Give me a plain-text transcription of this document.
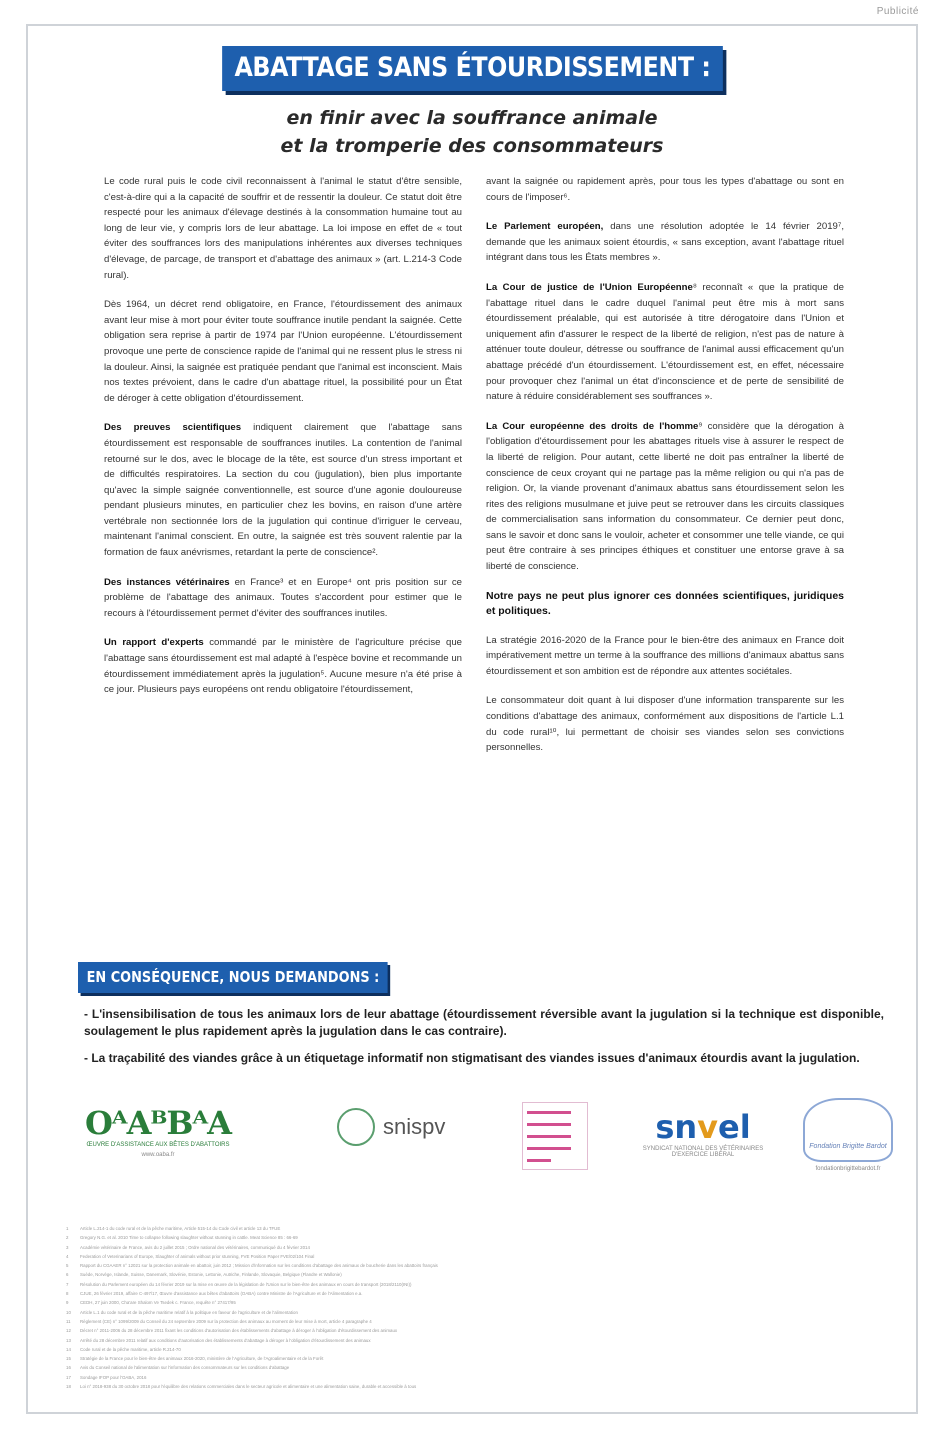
Publicité
ABATTAGE SANS ÉTOURDISSEMENT :
en finir avec la souffrance animale
et la tromperie des consommateurs

Le code rural puis le code civil reconnaissent à l'animal le statut d'être sensible, c'est-à-dire qui a la capacité de souffrir et de ressentir la douleur. Ce statut doit être respecté pour les animaux d'élevage destinés à la consommation humaine tout au long de leur vie, y compris lors de leur abattage. La loi impose en effet de « tout éviter des souffrances lors des manipulations inhérentes aux diverses techniques d'élevage, de parcage, de transport et d'abattage des animaux » (art. L.214-3 Code rural).

Dès 1964, un décret rend obligatoire, en France, l'étourdissement des animaux avant leur mise à mort pour éviter toute souffrance inutile pendant la saignée. Cette obligation sera reprise à partir de 1974 par l'Union européenne. L'étourdissement provoque une perte de conscience rapide de l'animal qui ne ressent plus le stress ni la douleur. Ainsi, la saignée est pratiquée pendant que l'animal est inconscient. Mais nos textes prévoient, dans le cadre d'un abattage rituel, la possibilité pour un État de déroger à cette obligation d'étourdissement.

Des preuves scientifiques indiquent clairement que l'abattage sans étourdissement est responsable de souffrances inutiles. La contention de l'animal retourné sur le dos, avec le blocage de la tête, est source d'un stress important et de difficultés respiratoires. La section du cou (jugulation), bien plus importante qu'avec la simple saignée conventionnelle, est source d'une agonie douloureuse pendant plusieurs minutes, en particulier chez les bovins, en raison d'une artère vertébrale non sectionnée lors de la jugulation qui continue d'irriguer le cerveau, maintenant l'animal conscient. En outre, la saignée est très souvent ralentie par la formation de faux anévrismes, retardant la perte de conscience².

Des instances vétérinaires en France³ et en Europe⁴ ont pris position sur ce problème de l'abattage des animaux. Toutes s'accordent pour estimer que le recours à l'étourdissement permet d'éviter des souffrances inutiles.

Un rapport d'experts commandé par le ministère de l'agriculture précise que l'abattage sans étourdissement est mal adapté à l'espèce bovine et recommande un étourdissement immédiatement après la jugulation⁵. Aucune mesure n'a été prise à ce jour. Plusieurs pays européens ont rendu obligatoire l'étourdissement,

avant la saignée ou rapidement après, pour tous les types d'abattage ou sont en cours de l'imposer⁶.

Le Parlement européen, dans une résolution adoptée le 14 février 2019⁷, demande que les animaux soient étourdis, « sans exception, avant l'abattage rituel intégrant dans tous les États membres ».

La Cour de justice de l'Union Européenne⁸ reconnaît « que la pratique de l'abattage rituel dans le cadre duquel l'animal peut être mis à mort sans étourdissement préalable, qui est autorisée à titre dérogatoire dans l'Union et uniquement afin d'assurer le respect de la liberté de religion, n'est pas de nature à atténuer toute douleur, détresse ou souffrance de l'animal aussi efficacement qu'un abattage précédé d'un étourdissement. L'étourdissement est, en effet, nécessaire pour provoquer chez l'animal un état d'inconscience et de perte de sensibilité de nature à réduire considérablement ses souffrances ».

La Cour européenne des droits de l'homme⁹ considère que la dérogation à l'obligation d'étourdissement pour les abattages rituels vise à assurer le respect de la liberté de religion. Pour autant, cette liberté ne doit pas entraîner la liberté de conscience de ceux croyant qui ne partage pas la même religion ou qui n'a pas de religion. Or, la viande provenant d'animaux abattus sans étourdissement selon les rites des religions musulmane et juive peut se retrouver dans les circuits classiques de commercialisation sans information du consommateur. Ce dernier peut donc, sans le savoir et donc sans le vouloir, acheter et consommer une telle viande, ce qui peut être contraire à ses principes éthiques et constituer une entorse grave à sa liberté de conscience.

Notre pays ne peut plus ignorer ces données scientifiques, juridiques et politiques.

La stratégie 2016-2020 de la France pour le bien-être des animaux en France doit impérativement mettre un terme à la souffrance des millions d'animaux abattus sans étourdissement et son ambition est de répondre aux attentes sociétales.

Le consommateur doit quant à lui disposer d'une information transparente sur les conditions d'abattage des animaux, conformément aux dispositions de l'article L.1 du code rural¹⁰, lui permettant de choisir ses viandes selon ses convictions personnelles.

EN CONSÉQUENCE, NOUS DEMANDONS :

- L'insensibilisation de tous les animaux lors de leur abattage (étourdissement réversible avant la jugulation si la technique est disponible, soulagement le plus rapidement après la jugulation dans le cas contraire).

- La traçabilité des viandes grâce à un étiquetage informatif non stigmatisant des viandes issues d'animaux étourdis avant la jugulation.

OᴬAᴮBᴬA
ŒUVRE D'ASSISTANCE AUX BÊTES D'ABATTOIRS
www.oaba.fr
snispv	snvel
SYNDICAT NATIONAL DES VÉTÉRINAIRES D'EXERCICE LIBÉRAL
Fondation Brigitte Bardot
fondationbrigittebardot.fr
1	Article L.214-1 du code rural et de la pêche maritime, Article 515-14 du Code civil et article 13 du TFUE
2	Gregory N.G. et al. 2010 Time to collapse following slaughter without stunning in cattle. Meat Science 85 : 66-69
3	Académie vétérinaire de France, avis du 2 juillet 2015 ; Ordre national des vétérinaires, communiqué du 4 février 2014
4	Federation of Veterinarians of Europe, Slaughter of animals without prior stunning, FVE Position Paper FVE/02/104 Final
5	Rapport du CGAAER n° 12021 sur la protection animale en abattoir, juin 2012 ; Mission d'information sur les conditions d'abattage des animaux de boucherie dans les abattoirs français
6	Suède, Norvège, Islande, Suisse, Danemark, Slovénie, Estonie, Lettonie, Autriche, Finlande, Slovaquie, Belgique (Flandre et Wallonie)
7	Résolution du Parlement européen du 14 février 2019 sur la mise en œuvre de la législation de l'Union sur le bien-être des animaux en cours de transport (2018/2110(INI))
8	CJUE, 26 février 2019, affaire C-497/17, Œuvre d'assistance aux bêtes d'abattoirs (OABA) contre Ministre de l'Agriculture et de l'Alimentation e.a.
9	CEDH, 27 juin 2000, Cha'are Shalom Ve Tsedek c. France, requête n° 27417/95
10	Article L.1 du code rural et de la pêche maritime relatif à la politique en faveur de l'agriculture et de l'alimentation
11	Règlement (CE) n° 1099/2009 du Conseil du 24 septembre 2009 sur la protection des animaux au moment de leur mise à mort, article 4 paragraphe 4
12	Décret n° 2011-2006 du 28 décembre 2011 fixant les conditions d'autorisation des établissements d'abattage à déroger à l'obligation d'étourdissement des animaux
13	Arrêté du 28 décembre 2011 relatif aux conditions d'autorisation des établissements d'abattage à déroger à l'obligation d'étourdissement des animaux
14	Code rural et de la pêche maritime, article R.214-70
15	Stratégie de la France pour le bien-être des animaux 2016-2020, ministère de l'Agriculture, de l'Agroalimentaire et de la Forêt
16	Avis du Conseil national de l'alimentation sur l'information des consommateurs sur les conditions d'abattage
17	Sondage IFOP pour l'OABA, 2016
18	Loi n° 2018-938 du 30 octobre 2018 pour l'équilibre des relations commerciales dans le secteur agricole et alimentaire et une alimentation saine, durable et accessible à tous
